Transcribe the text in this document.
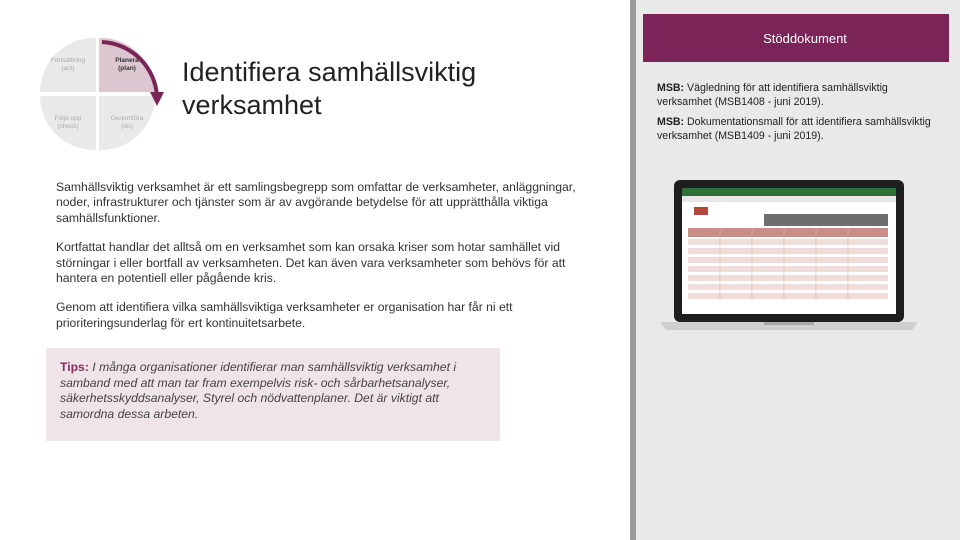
Fortsättning
(act)
Planera
(plan)
Följa upp
(check)
Genomföra
(do)
Identifiera samhällsviktig verksamhet

Samhällsviktig verksamhet är ett samlingsbegrepp som omfattar de verksamheter, anläggningar, noder, infrastrukturer och tjänster som är av avgörande betydelse för att upprätthålla viktiga samhällsfunktioner.

Kortfattat handlar det alltså om en verksamhet som kan orsaka kriser som hotar samhället vid störningar i eller bortfall av verksamheten. Det kan även vara verksamheter som behövs för att hantera en potentiell eller pågående kris.

Genom att identifiera vilka samhällsviktiga verksamheter er organisation har får ni ett prioriteringsunderlag för ert kontinuitetsarbete.

Tips: I många organisationer identifierar man samhällsviktig verksamhet i samband med att man tar fram exempelvis risk- och sårbarhetsanalyser, säkerhetsskyddsanalyser, Styrel och nödvattenplaner. Det är viktigt att samordna dessa arbeten.
Stöddokument

MSB: Vägledning för att identifiera samhällsviktig verksamhet (MSB1408 - juni 2019).

MSB: Dokumentationsmall för att identifiera samhällsviktig verksamhet (MSB1409 - juni 2019).
